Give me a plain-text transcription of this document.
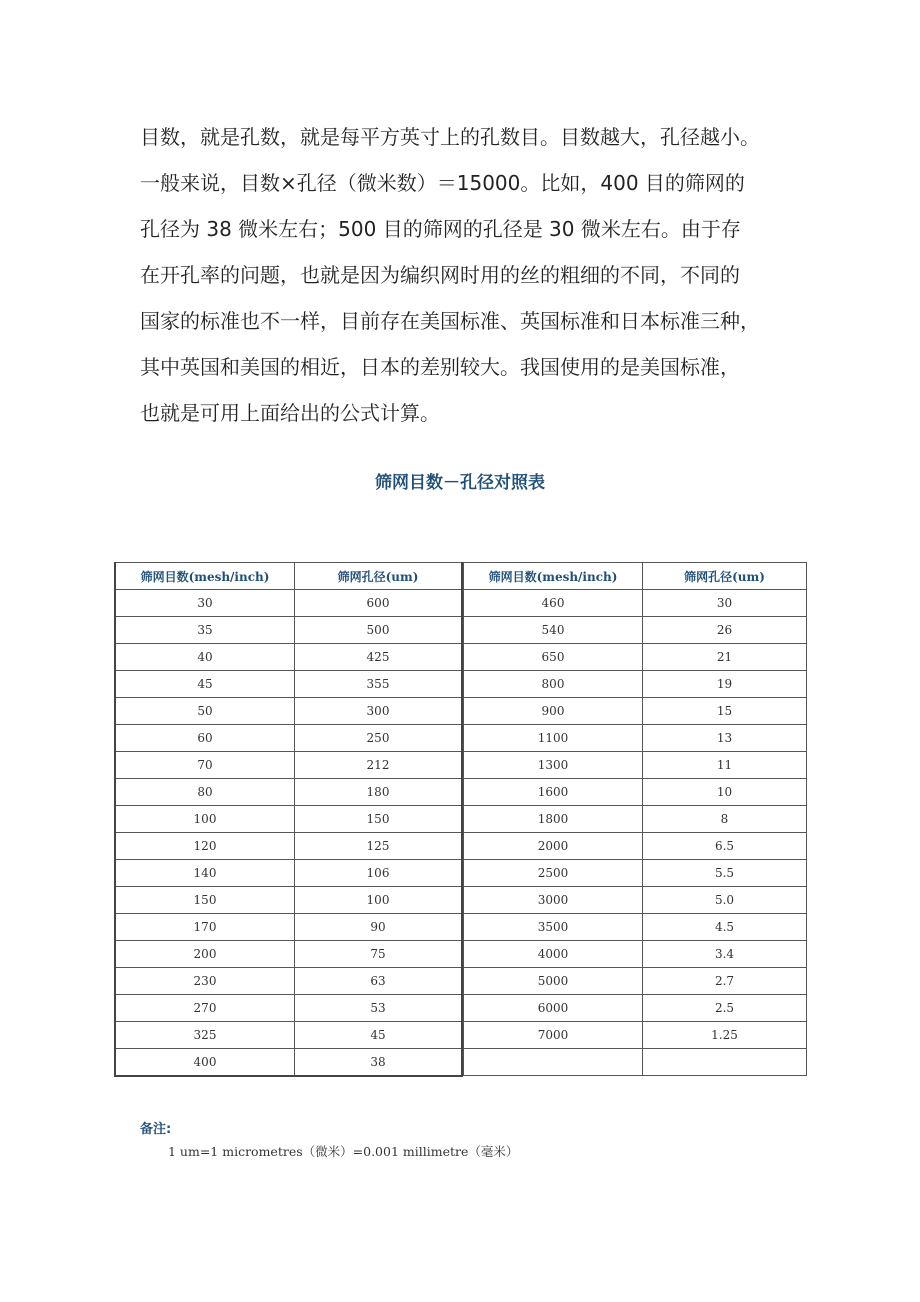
目数，就是孔数，就是每平方英寸上的孔数目。目数越大，孔径越小。
一般来说，目数×孔径（微米数）＝15000。比如，400 目的筛网的
孔径为 38 微米左右；500 目的筛网的孔径是 30 微米左右。由于存
在开孔率的问题，也就是因为编织网时用的丝的粗细的不同，不同的
国家的标准也不一样，目前存在美国标准、英国标准和日本标准三种，
其中英国和美国的相近，日本的差别较大。我国使用的是美国标准，
也就是可用上面给出的公式计算。
筛网目数－孔径对照表
筛网目数(mesh/inch)	筛网孔径(um)
30	600
35	500
40	425
45	355
50	300
60	250
70	212
80	180
100	150
120	125
140	106
150	100
170	90
200	75
230	63
270	53
325	45
400	38
筛网目数(mesh/inch)	筛网孔径(um)
460	30
540	26
650	21
800	19
900	15
1100	13
1300	11
1600	10
1800	8
2000	6.5
2500	5.5
3000	5.0
3500	4.5
4000	3.4
5000	2.7
6000	2.5
7000	1.25

备注:
1 um=1 micrometres（微米）=0.001 millimetre（毫米）
